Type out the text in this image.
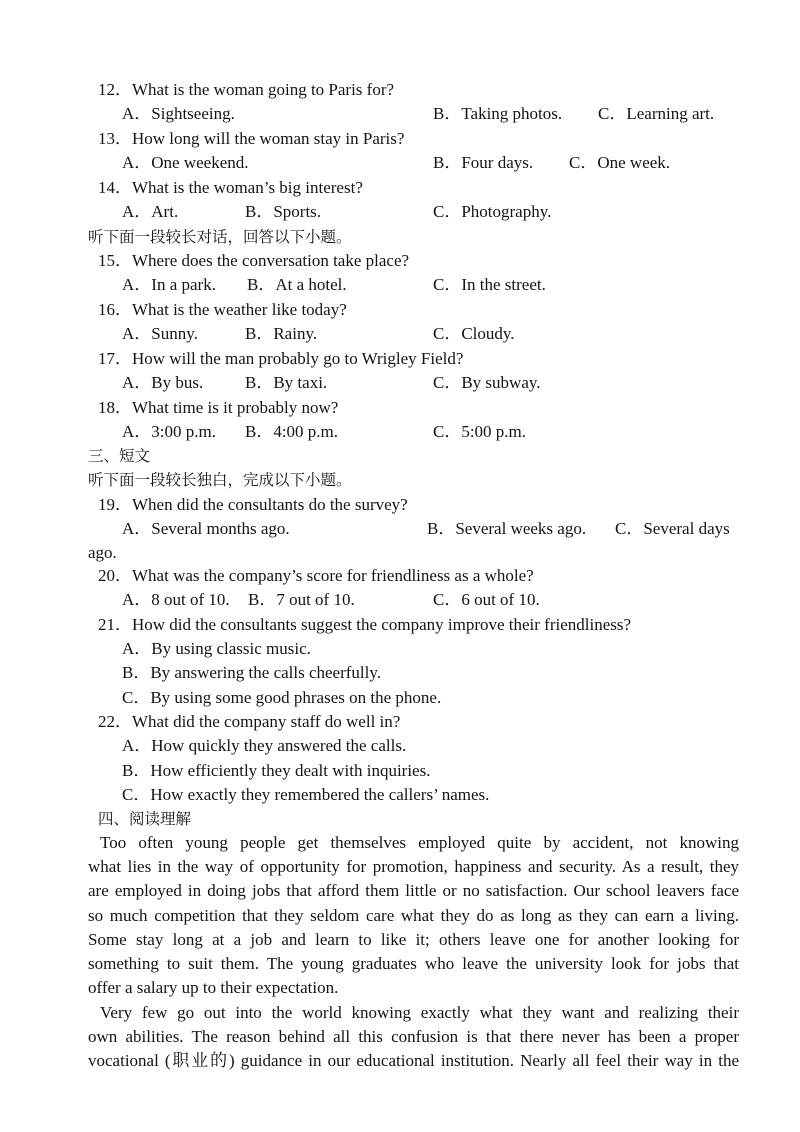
12．What is the woman going to Paris for?
A．Sightseeing.	B．Taking photos. C．Learning art.
13．How long will the woman stay in Paris?
A．One weekend.	B．Four days. C．One week.
14．What is the woman’s big interest?
A．Art.	B．Sports.	C．Photography.
听下面一段较长对话，回答以下小题。
15．Where does the conversation take place?
A．In a park. B．At a hotel.	C．In the street.
16．What is the weather like today?
A．Sunny.	B．Rainy.	C．Cloudy.
17．How will the man probably go to Wrigley Field?
A．By bus. B．By taxi.	C．By subway.
18．What time is it probably now?
A．3:00 p.m. B．4:00 p.m.	C．5:00 p.m.
三、短文
听下面一段较长独白，完成以下小题。
19．When did the consultants do the survey?
A．Several months ago.	B．Several weeks ago. C．Several days
ago.
20．What was the company’s score for friendliness as a whole?
A．8 out of 10. B．7 out of 10.	C．6 out of 10.
21．How did the consultants suggest the company improve their friendliness?
A．By using classic music.
B．By answering the calls cheerfully.
C．By using some good phrases on the phone.
22．What did the company staff do well in?
A．How quickly they answered the calls.
B．How efficiently they dealt with inquiries.
C．How exactly they remembered the callers’ names.
四、阅读理解
Too often young people get themselves employed quite by accident, not knowing
what lies in the way of opportunity for promotion, happiness and security. As a result, they
are employed in doing jobs that afford them little or no satisfaction. Our school leavers face
so much competition that they seldom care what they do as long as they can earn a living.
Some stay long at a job and learn to like it; others leave one for another looking for
something to suit them. The young graduates who leave the university look for jobs that
offer a salary up to their expectation.
Very few go out into the world knowing exactly what they want and realizing their
own abilities. The reason behind all this confusion is that there never has been a proper
vocational (职业的) guidance in our educational institution. Nearly all feel their way in the
